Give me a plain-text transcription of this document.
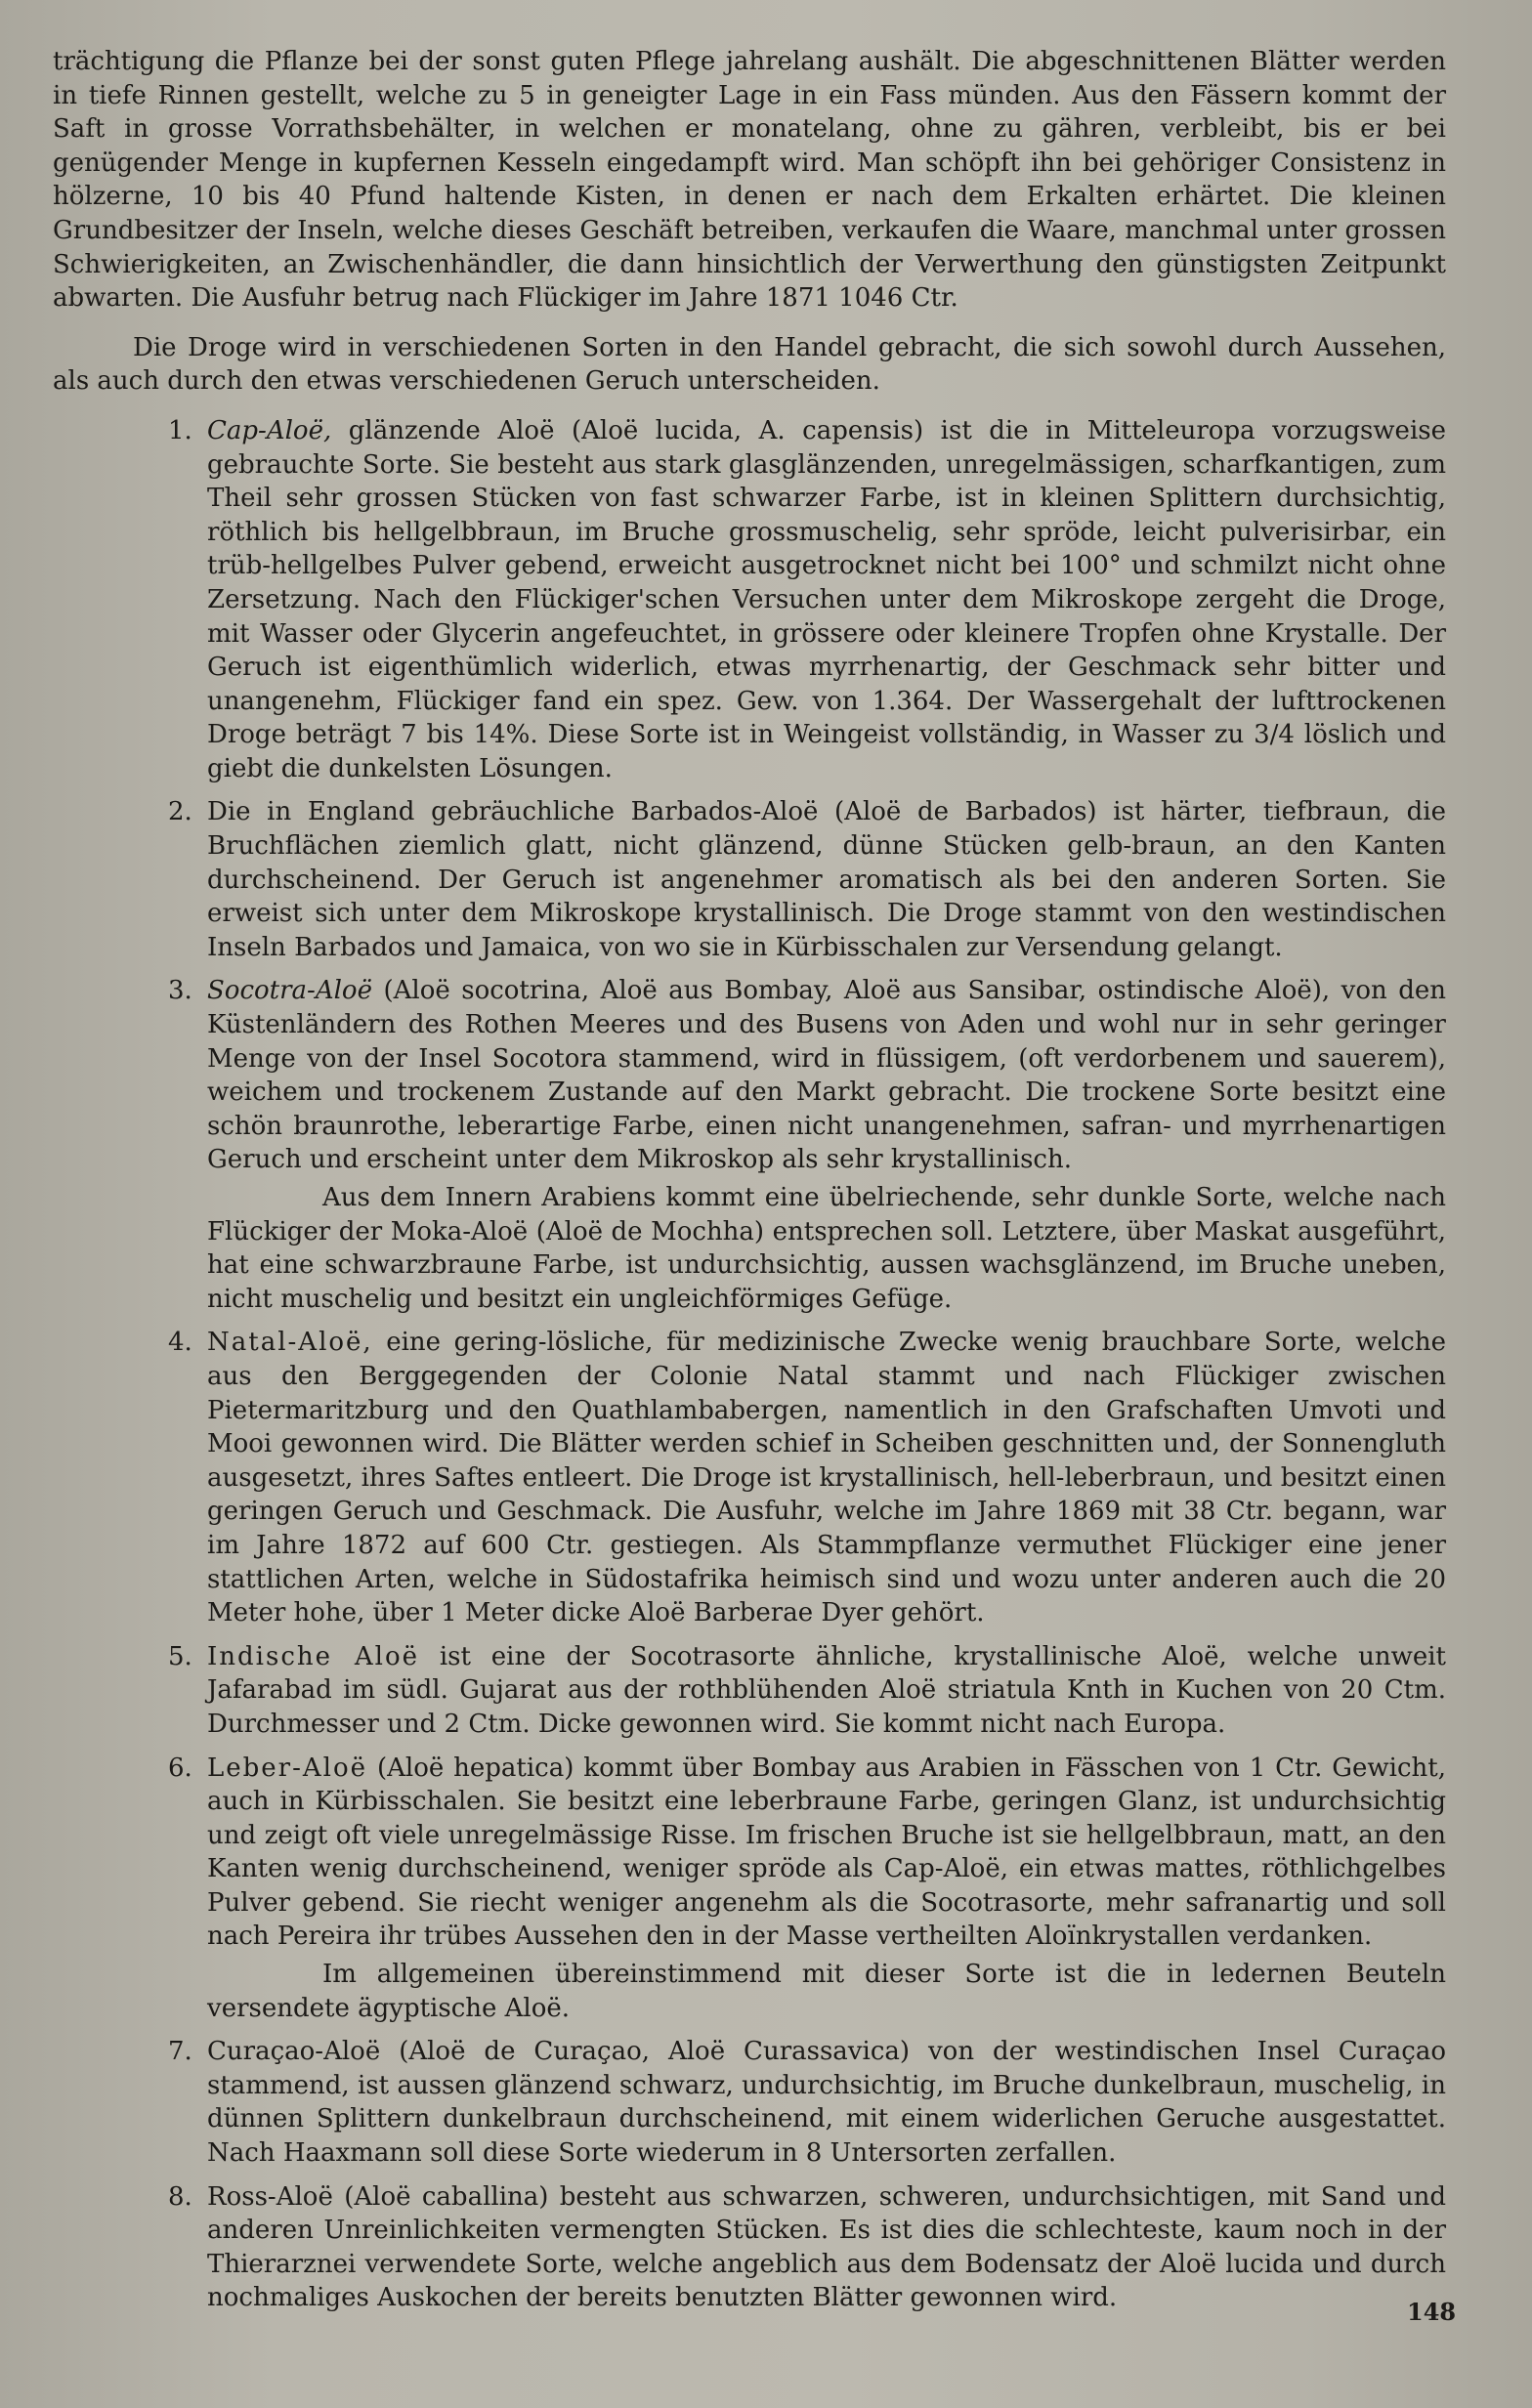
trächtigung die Pflanze bei der sonst guten Pflege jahrelang aushält. Die abgeschnittenen Blätter werden in tiefe Rinnen gestellt, welche zu 5 in geneigter Lage in ein Fass münden. Aus den Fässern kommt der Saft in grosse Vorrathsbehälter, in welchen er monatelang, ohne zu gähren, verbleibt, bis er bei genügender Menge in kupfernen Kesseln eingedampft wird. Man schöpft ihn bei gehöriger Consistenz in hölzerne, 10 bis 40 Pfund haltende Kisten, in denen er nach dem Erkalten erhärtet. Die kleinen Grundbesitzer der Inseln, welche dieses Geschäft betreiben, verkaufen die Waare, manchmal unter grossen Schwierigkeiten, an Zwischenhändler, die dann hinsichtlich der Verwerthung den günstigsten Zeitpunkt abwarten. Die Ausfuhr betrug nach Flückiger im Jahre 1871 1046 Ctr.

Die Droge wird in verschiedenen Sorten in den Handel gebracht, die sich sowohl durch Aussehen, als auch durch den etwas verschiedenen Geruch unterscheiden.

1. Cap-Aloë, glänzende Aloë (Aloë lucida, A. capensis) ist die in Mitteleuropa vorzugsweise gebrauchte Sorte. Sie besteht aus stark glasglänzenden, unregelmässigen, scharfkantigen, zum Theil sehr grossen Stücken von fast schwarzer Farbe, ist in kleinen Splittern durchsichtig, röthlich bis hellgelbbraun, im Bruche grossmuschelig, sehr spröde, leicht pulverisirbar, ein trüb-hellgelbes Pulver gebend, erweicht ausgetrocknet nicht bei 100° und schmilzt nicht ohne Zersetzung. Nach den Flückiger'schen Versuchen unter dem Mikroskope zergeht die Droge, mit Wasser oder Glycerin angefeuchtet, in grössere oder kleinere Tropfen ohne Krystalle. Der Geruch ist eigenthümlich widerlich, etwas myrrhenartig, der Geschmack sehr bitter und unangenehm, Flückiger fand ein spez. Gew. von 1.364. Der Wassergehalt der lufttrockenen Droge beträgt 7 bis 14%. Diese Sorte ist in Weingeist vollständig, in Wasser zu 3/4 löslich und giebt die dunkelsten Lösungen.

2. Die in England gebräuchliche Barbados-Aloë (Aloë de Barbados) ist härter, tiefbraun, die Bruchflächen ziemlich glatt, nicht glänzend, dünne Stücken gelb-braun, an den Kanten durchscheinend. Der Geruch ist angenehmer aromatisch als bei den anderen Sorten. Sie erweist sich unter dem Mikroskope krystallinisch. Die Droge stammt von den westindischen Inseln Barbados und Jamaica, von wo sie in Kürbisschalen zur Versendung gelangt.

3. Socotra-Aloë (Aloë socotrina, Aloë aus Bombay, Aloë aus Sansibar, ostindische Aloë), von den Küstenländern des Rothen Meeres und des Busens von Aden und wohl nur in sehr geringer Menge von der Insel Socotora stammend, wird in flüssigem, (oft verdorbenem und sauerem), weichem und trockenem Zustande auf den Markt gebracht. Die trockene Sorte besitzt eine schön braunrothe, leberartige Farbe, einen nicht unangenehmen, safran- und myrrhenartigen Geruch und erscheint unter dem Mikroskop als sehr krystallinisch.

Aus dem Innern Arabiens kommt eine übelriechende, sehr dunkle Sorte, welche nach Flückiger der Moka-Aloë (Aloë de Mochha) entsprechen soll. Letztere, über Maskat ausgeführt, hat eine schwarzbraune Farbe, ist undurchsichtig, aussen wachsglänzend, im Bruche uneben, nicht muschelig und besitzt ein ungleichförmiges Gefüge.

4. Natal-Aloë, eine gering-lösliche, für medizinische Zwecke wenig brauchbare Sorte, welche aus den Berggegenden der Colonie Natal stammt und nach Flückiger zwischen Pietermaritzburg und den Quathlambabergen, namentlich in den Grafschaften Umvoti und Mooi gewonnen wird. Die Blätter werden schief in Scheiben geschnitten und, der Sonnengluth ausgesetzt, ihres Saftes entleert. Die Droge ist krystallinisch, hell-leberbraun, und besitzt einen geringen Geruch und Geschmack. Die Ausfuhr, welche im Jahre 1869 mit 38 Ctr. begann, war im Jahre 1872 auf 600 Ctr. gestiegen. Als Stammpflanze vermuthet Flückiger eine jener stattlichen Arten, welche in Südostafrika heimisch sind und wozu unter anderen auch die 20 Meter hohe, über 1 Meter dicke Aloë Barberae Dyer gehört.

5. Indische Aloë ist eine der Socotrasorte ähnliche, krystallinische Aloë, welche unweit Jafarabad im südl. Gujarat aus der rothblühenden Aloë striatula Knth in Kuchen von 20 Ctm. Durchmesser und 2 Ctm. Dicke gewonnen wird. Sie kommt nicht nach Europa.

6. Leber-Aloë (Aloë hepatica) kommt über Bombay aus Arabien in Fässchen von 1 Ctr. Gewicht, auch in Kürbisschalen. Sie besitzt eine leberbraune Farbe, geringen Glanz, ist undurchsichtig und zeigt oft viele unregelmässige Risse. Im frischen Bruche ist sie hellgelbbraun, matt, an den Kanten wenig durchscheinend, weniger spröde als Cap-Aloë, ein etwas mattes, röthlichgelbes Pulver gebend. Sie riecht weniger angenehm als die Socotrasorte, mehr safranartig und soll nach Pereira ihr trübes Aussehen den in der Masse vertheilten Aloïnkrystallen verdanken.

Im allgemeinen übereinstimmend mit dieser Sorte ist die in ledernen Beuteln versendete ägyptische Aloë.

7. Curaçao-Aloë (Aloë de Curaçao, Aloë Curassavica) von der westindischen Insel Curaçao stammend, ist aussen glänzend schwarz, undurchsichtig, im Bruche dunkelbraun, muschelig, in dünnen Splittern dunkelbraun durchscheinend, mit einem widerlichen Geruche ausgestattet. Nach Haaxmann soll diese Sorte wiederum in 8 Untersorten zerfallen.

8. Ross-Aloë (Aloë caballina) besteht aus schwarzen, schweren, undurchsichtigen, mit Sand und anderen Unreinlichkeiten vermengten Stücken. Es ist dies die schlechteste, kaum noch in der Thierarznei verwendete Sorte, welche angeblich aus dem Bodensatz der Aloë lucida und durch nochmaliges Auskochen der bereits benutzten Blätter gewonnen wird.	148
